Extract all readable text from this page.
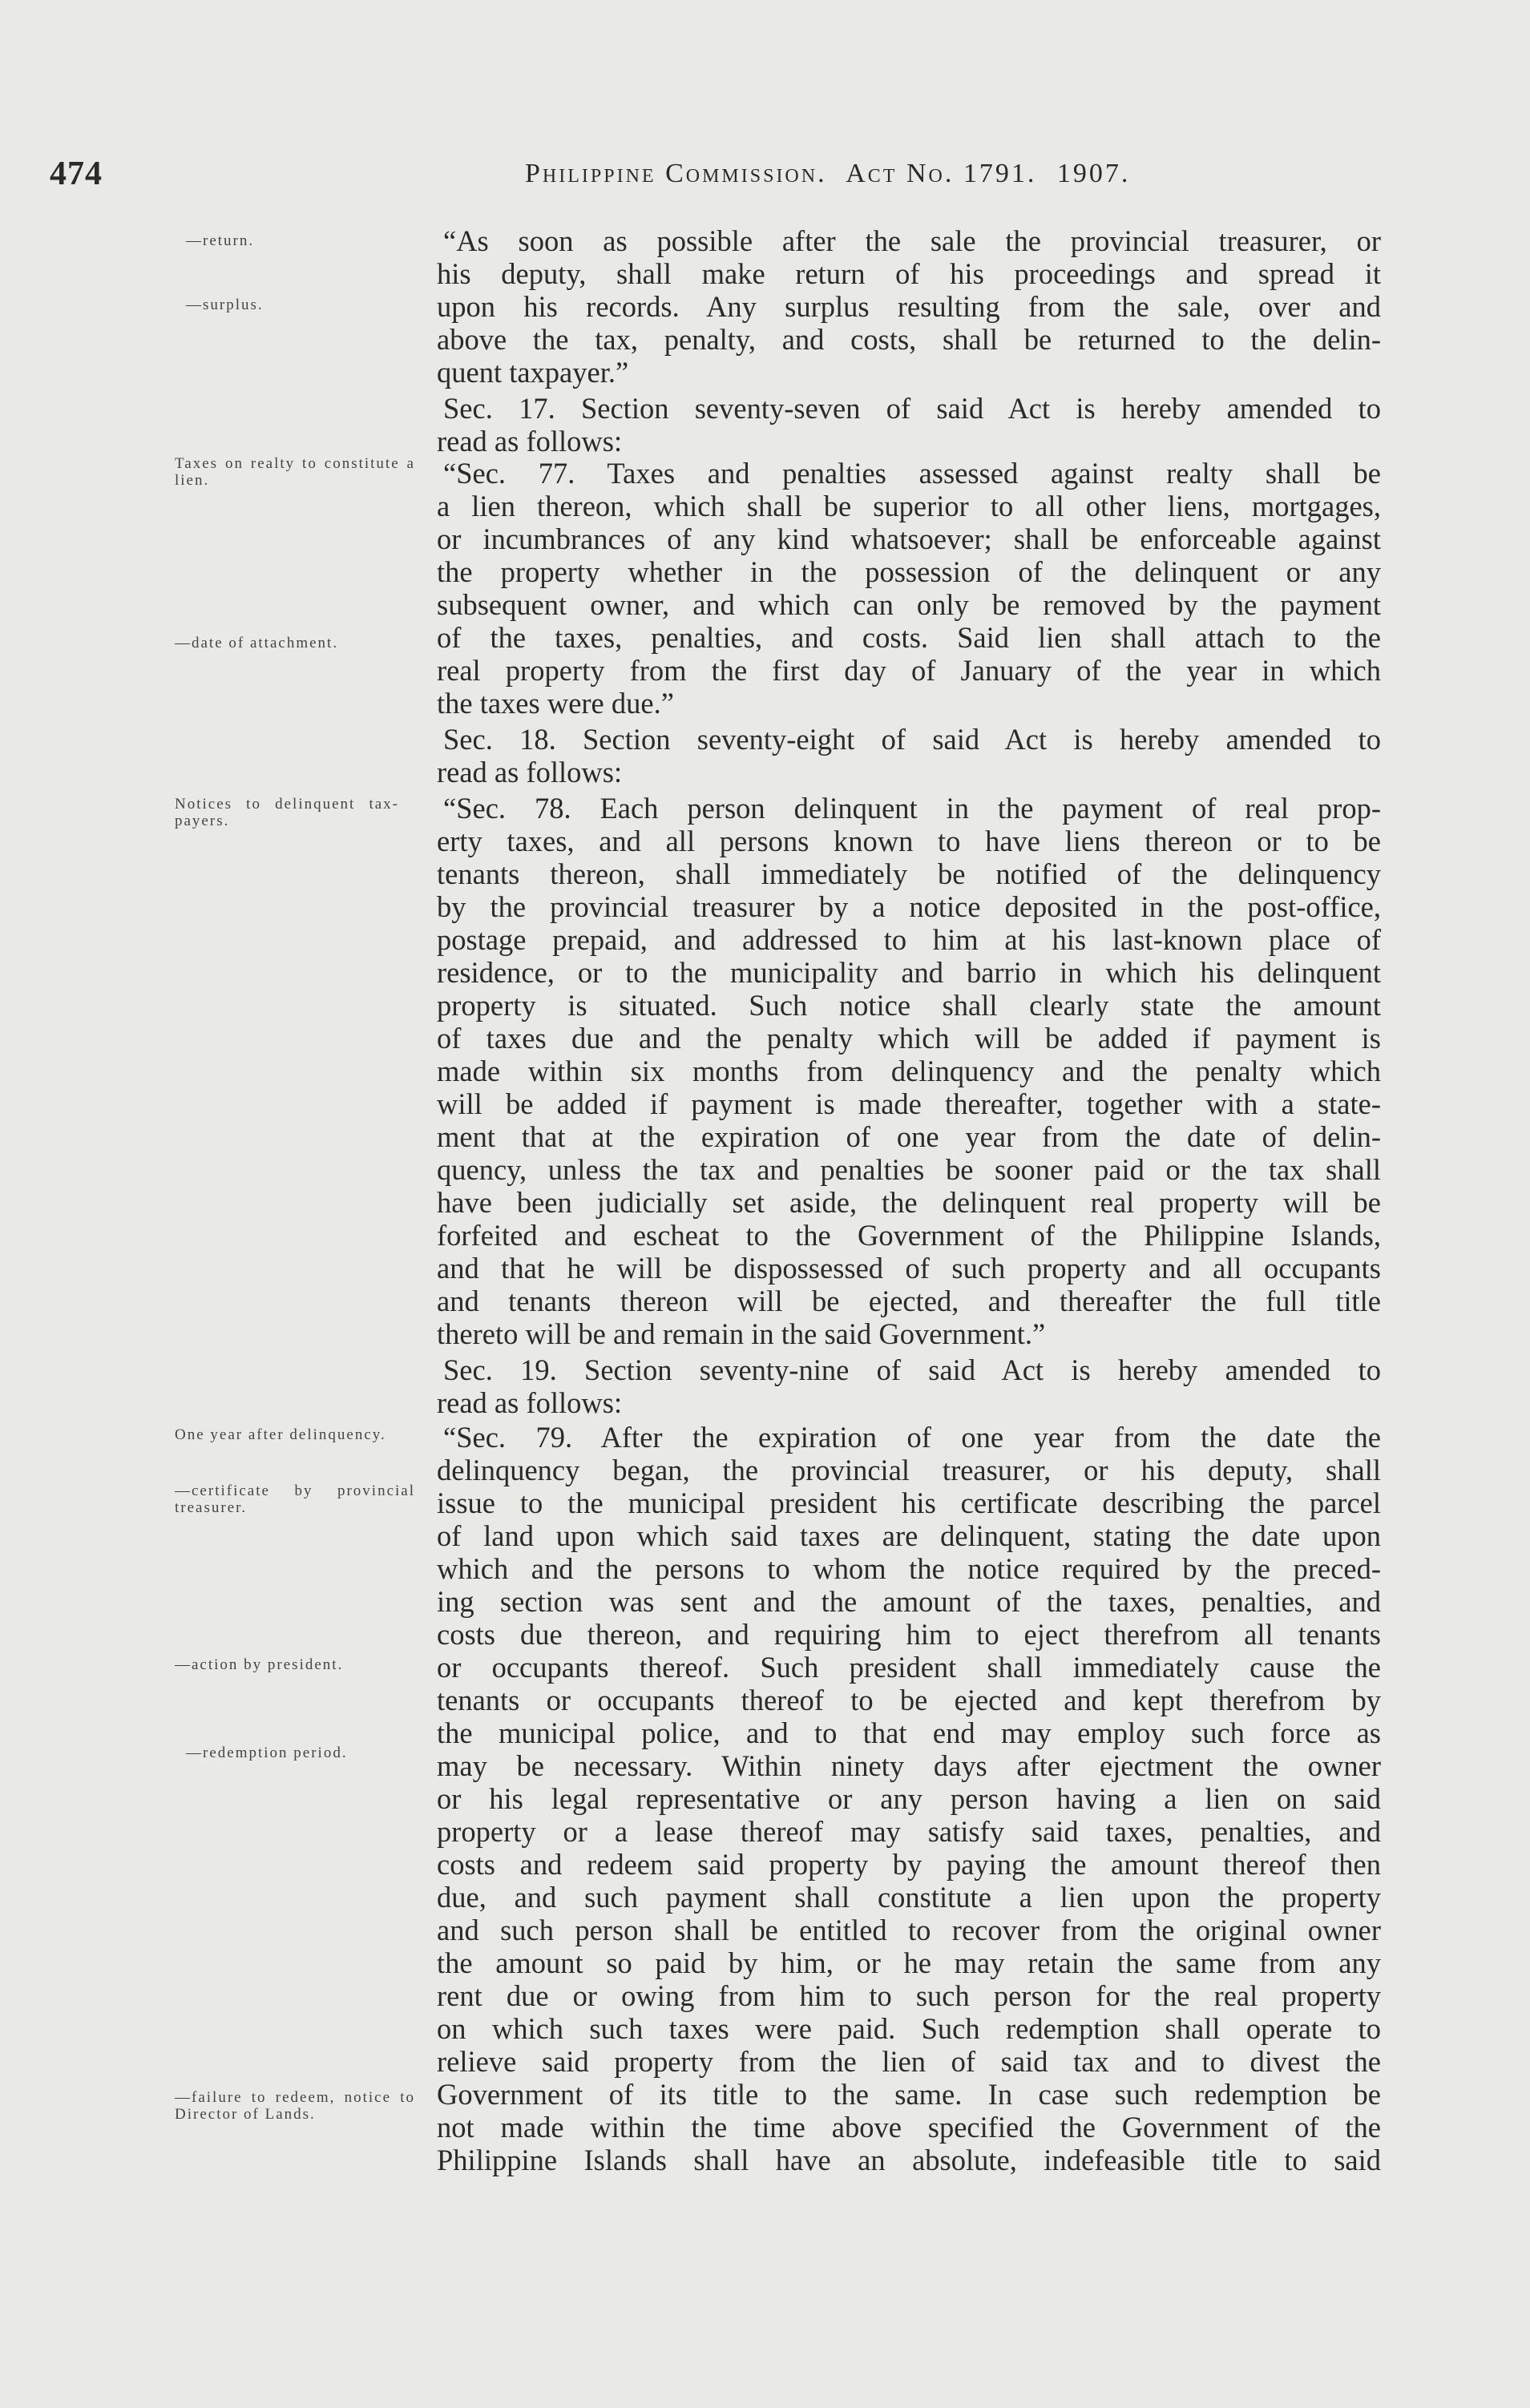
474	Philippine Commission. Act No. 1791. 1907.
—return.
—surplus.
Taxes on realty to constitute a lien.
—date of attachment.
Notices to delinquent tax-payers.
One year after delinquency.
—certificate by provincial treasurer.
—action by president.
—redemption period.
—failure to redeem, notice to Director of Lands.
“As soon as possible after the sale the provincial treasurer, or
his deputy, shall make return of his proceedings and spread it
upon his records. Any surplus resulting from the sale, over and
above the tax, penalty, and costs, shall be returned to the delin-
quent taxpayer.”
Sec. 17. Section seventy-seven of said Act is hereby amended to
read as follows:
“Sec. 77. Taxes and penalties assessed against realty shall be
a lien thereon, which shall be superior to all other liens, mortgages,
or incumbrances of any kind whatsoever; shall be enforceable against
the property whether in the possession of the delinquent or any
subsequent owner, and which can only be removed by the payment
of the taxes, penalties, and costs. Said lien shall attach to the
real property from the first day of January of the year in which
the taxes were due.”
Sec. 18. Section seventy-eight of said Act is hereby amended to
read as follows:
“Sec. 78. Each person delinquent in the payment of real prop-
erty taxes, and all persons known to have liens thereon or to be
tenants thereon, shall immediately be notified of the delinquency
by the provincial treasurer by a notice deposited in the post-office,
postage prepaid, and addressed to him at his last-known place of
residence, or to the municipality and barrio in which his delinquent
property is situated. Such notice shall clearly state the amount
of taxes due and the penalty which will be added if payment is
made within six months from delinquency and the penalty which
will be added if payment is made thereafter, together with a state-
ment that at the expiration of one year from the date of delin-
quency, unless the tax and penalties be sooner paid or the tax shall
have been judicially set aside, the delinquent real property will be
forfeited and escheat to the Government of the Philippine Islands,
and that he will be dispossessed of such property and all occupants
and tenants thereon will be ejected, and thereafter the full title
thereto will be and remain in the said Government.”
Sec. 19. Section seventy-nine of said Act is hereby amended to
read as follows:
“Sec. 79. After the expiration of one year from the date the
delinquency began, the provincial treasurer, or his deputy, shall
issue to the municipal president his certificate describing the parcel
of land upon which said taxes are delinquent, stating the date upon
which and the persons to whom the notice required by the preced-
ing section was sent and the amount of the taxes, penalties, and
costs due thereon, and requiring him to eject therefrom all tenants
or occupants thereof. Such president shall immediately cause the
tenants or occupants thereof to be ejected and kept therefrom by
the municipal police, and to that end may employ such force as
may be necessary. Within ninety days after ejectment the owner
or his legal representative or any person having a lien on said
property or a lease thereof may satisfy said taxes, penalties, and
costs and redeem said property by paying the amount thereof then
due, and such payment shall constitute a lien upon the property
and such person shall be entitled to recover from the original owner
the amount so paid by him, or he may retain the same from any
rent due or owing from him to such person for the real property
on which such taxes were paid. Such redemption shall operate to
relieve said property from the lien of said tax and to divest the
Government of its title to the same. In case such redemption be
not made within the time above specified the Government of the
Philippine Islands shall have an absolute, indefeasible title to said
